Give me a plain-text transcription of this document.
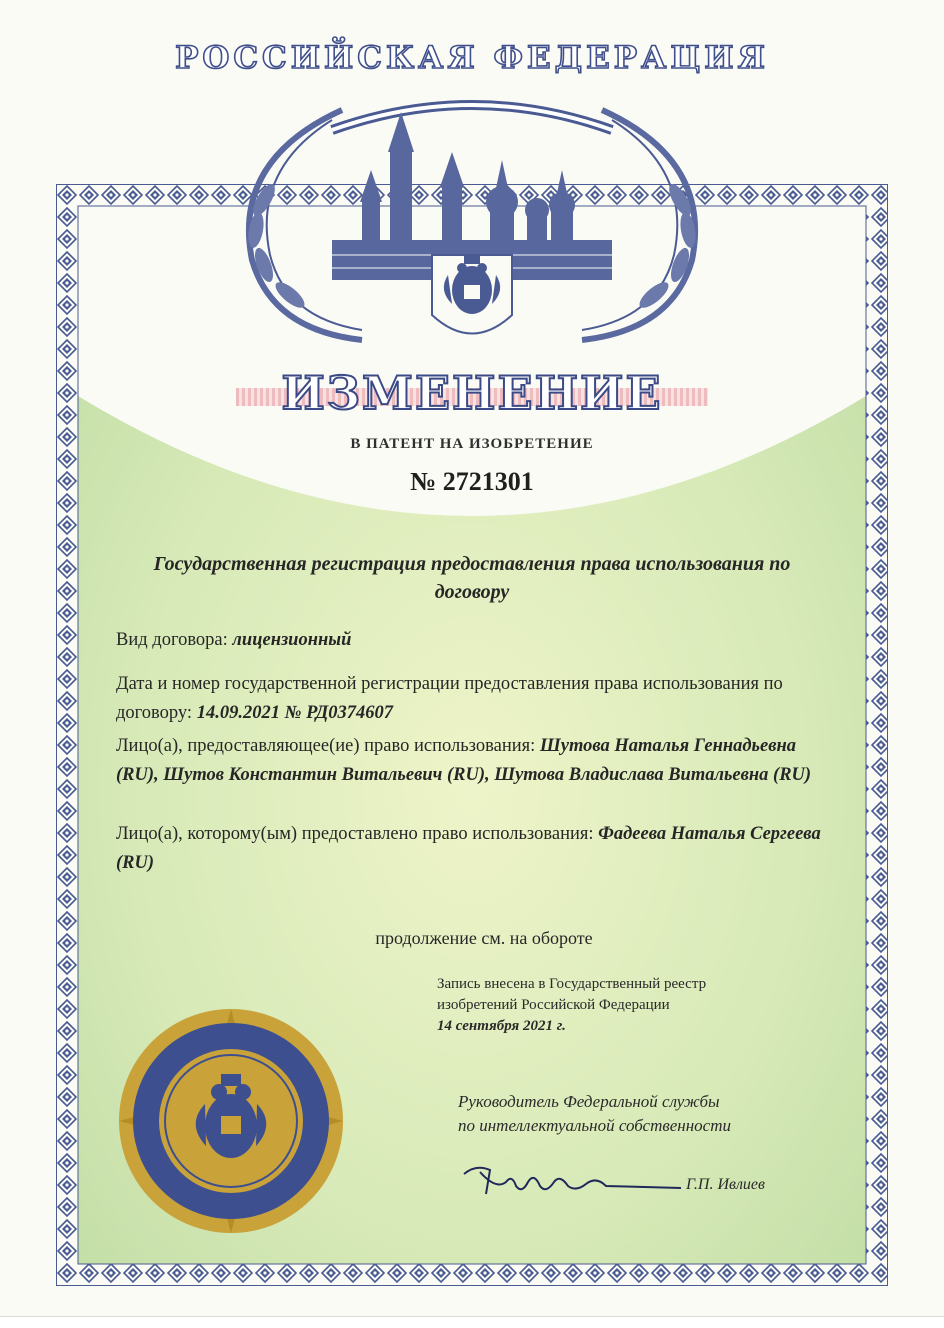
РОССИЙСКАЯ ФЕДЕРАЦИЯ
ИЗМЕНЕНИЕ
В ПАТЕНТ НА ИЗОБРЕТЕНИЕ
№ 2721301
Государственная регистрация предоставления права использования по договору
Вид договора: лицензионный
Дата и номер государственной регистрации предоставления права использования по договору: 14.09.2021 № РД0374607
Лицо(а), предоставляющее(ие) право использования: Шутова Наталья Геннадьевна (RU), Шутов Константин Витальевич (RU), Шутова Владислава Витальевна (RU)
Лицо(а), которому(ым) предоставлено право использования: Фадеева Наталья Сергеева (RU)
продолжение см. на обороте
Запись внесена в Государственный реестр
изобретений Российской Федерации
14 сентября 2021 г.
Руководитель Федеральной службы
по интеллектуальной собственности
Г.П. Ивлиев
